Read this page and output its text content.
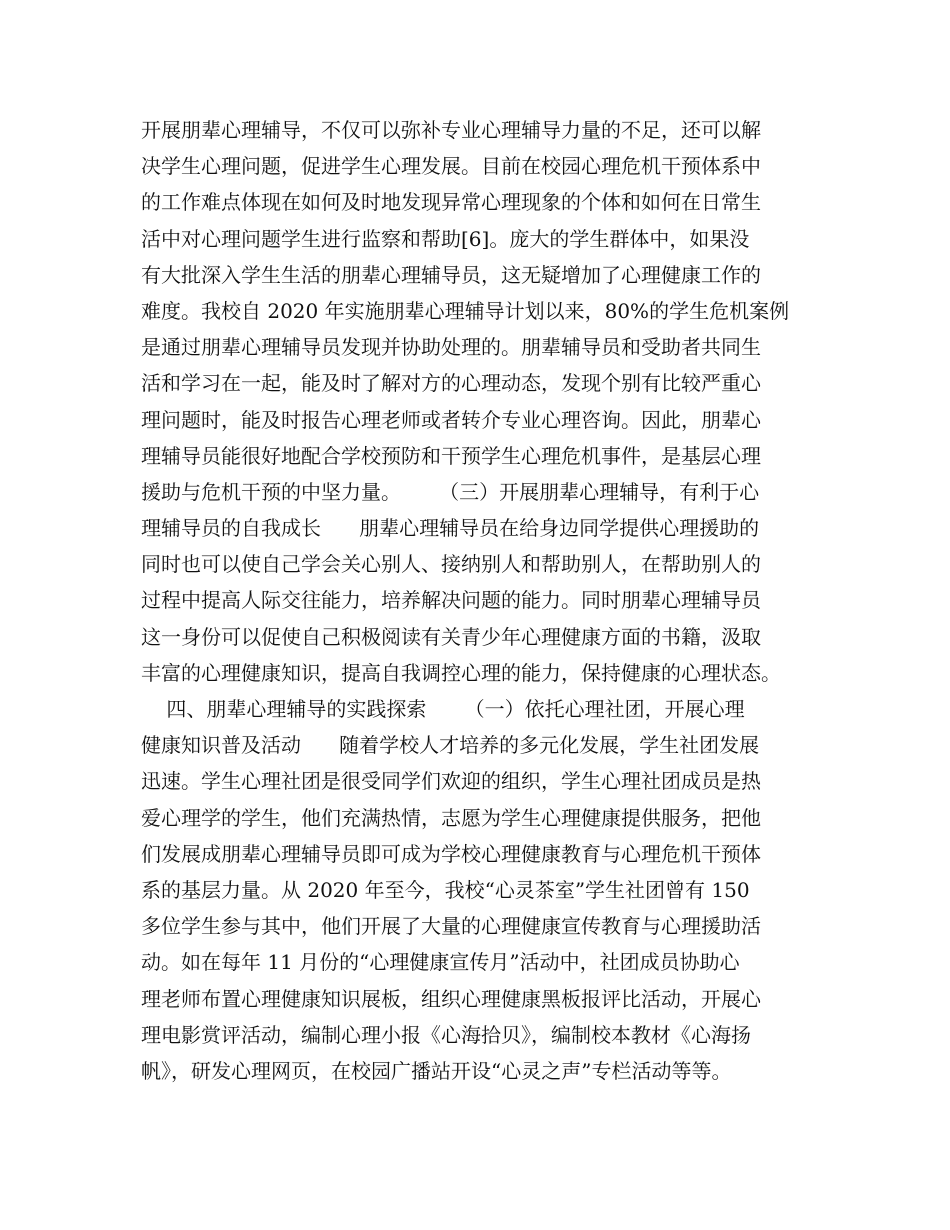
开展朋辈心理辅导，不仅可以弥补专业心理辅导力量的不足，还可以解
决学生心理问题，促进学生心理发展。目前在校园心理危机干预体系中
的工作难点体现在如何及时地发现异常心理现象的个体和如何在日常生
活中对心理问题学生进行监察和帮助[6]。庞大的学生群体中，如果没
有大批深入学生生活的朋辈心理辅导员，这无疑增加了心理健康工作的
难度。我校自 2020 年实施朋辈心理辅导计划以来，80%的学生危机案例
是通过朋辈心理辅导员发现并协助处理的。朋辈辅导员和受助者共同生
活和学习在一起，能及时了解对方的心理动态，发现个别有比较严重心
理问题时，能及时报告心理老师或者转介专业心理咨询。因此，朋辈心
理辅导员能很好地配合学校预防和干预学生心理危机事件，是基层心理
援助与危机干预的中坚力量。      （三）开展朋辈心理辅导，有利于心
理辅导员的自我成长      朋辈心理辅导员在给身边同学提供心理援助的
同时也可以使自己学会关心别人、接纳别人和帮助别人，在帮助别人的
过程中提高人际交往能力，培养解决问题的能力。同时朋辈心理辅导员
这一身份可以促使自己积极阅读有关青少年心理健康方面的书籍，汲取
丰富的心理健康知识，提高自我调控心理的能力，保持健康的心理状态。
四、朋辈心理辅导的实践探索      （一）依托心理社团，开展心理
健康知识普及活动      随着学校人才培养的多元化发展，学生社团发展
迅速。学生心理社团是很受同学们欢迎的组织，学生心理社团成员是热
爱心理学的学生，他们充满热情，志愿为学生心理健康提供服务，把他
们发展成朋辈心理辅导员即可成为学校心理健康教育与心理危机干预体
系的基层力量。从 2020 年至今，我校“心灵茶室”学生社团曾有 150
多位学生参与其中，他们开展了大量的心理健康宣传教育与心理援助活
动。如在每年 11 月份的“心理健康宣传月”活动中，社团成员协助心
理老师布置心理健康知识展板，组织心理健康黑板报评比活动，开展心
理电影赏评活动，编制心理小报《心海拾贝》，编制校本教材《心海扬
帆》，研发心理网页，在校园广播站开设“心灵之声”专栏活动等等。
